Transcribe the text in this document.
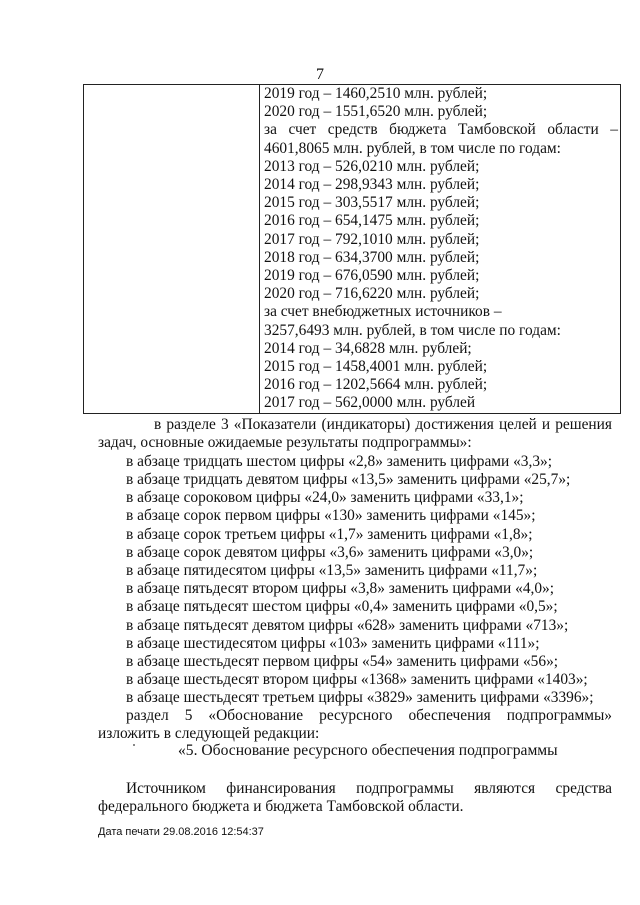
7

2019 год – 1460,2510 млн. рублей;
2020 год – 1551,6520 млн. рублей;
за счет средств бюджета Тамбовской области –
4601,8065 млн. рублей, в том числе по годам:
2013 год – 526,0210 млн. рублей;
2014 год – 298,9343 млн. рублей;
2015 год – 303,5517 млн. рублей;
2016 год – 654,1475 млн. рублей;
2017 год – 792,1010 млн. рублей;
2018 год – 634,3700 млн. рублей;
2019 год – 676,0590 млн. рублей;
2020 год – 716,6220 млн. рублей;
за счет внебюджетных источников –
3257,6493 млн. рублей, в том числе по годам:
2014 год – 34,6828 млн. рублей;
2015 год – 1458,4001 млн. рублей;
2016 год – 1202,5664 млн. рублей;
2017 год – 562,0000 млн. рублей
в разделе 3 «Показатели (индикаторы) достижения целей и решения
задач, основные ожидаемые результаты подпрограммы»:
в абзаце тридцать шестом цифры «2,8» заменить цифрами «3,3»;
в абзаце тридцать девятом цифры «13,5» заменить цифрами «25,7»;
в абзаце сороковом цифры «24,0» заменить цифрами «33,1»;
в абзаце сорок первом цифры «130» заменить цифрами «145»;
в абзаце сорок третьем цифры «1,7» заменить цифрами «1,8»;
в абзаце сорок девятом цифры «3,6» заменить цифрами «3,0»;
в абзаце пятидесятом цифры «13,5» заменить цифрами «11,7»;
в абзаце пятьдесят втором цифры «3,8» заменить цифрами «4,0»;
в абзаце пятьдесят шестом цифры «0,4» заменить цифрами «0,5»;
в абзаце пятьдесят девятом цифры «628» заменить цифрами «713»;
в абзаце шестидесятом цифры «103» заменить цифрами «111»;
в абзаце шестьдесят первом цифры «54» заменить цифрами «56»;
в абзаце шестьдесят втором цифры «1368» заменить цифрами «1403»;
в абзаце шестьдесят третьем цифры «3829» заменить цифрами «3396»;
раздел 5 «Обоснование ресурсного обеспечения подпрограммы»
изложить в следующей редакции:
«5. Обоснование ресурсного обеспечения подпрограммы
Источником финансирования подпрограммы являются средства
федерального бюджета и бюджета Тамбовской области.
Дата печати 29.08.2016 12:54:37
